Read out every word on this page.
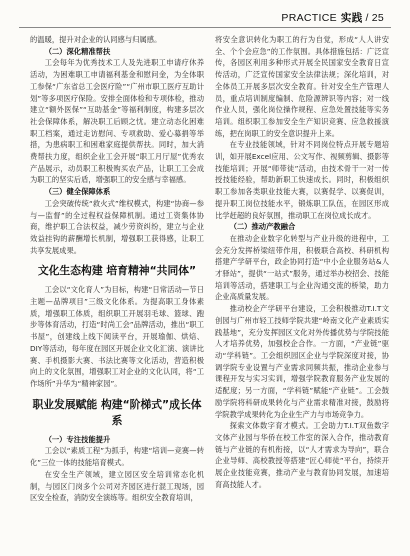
PRACTICE 实践 / 25

的温暖，提升对企业的认同感与归属感。

（二）深化精准帮扶

工会每年为优秀技术工人及先进职工申请疗休养活动，为困难职工申请福利基金和慰问金，为全体职工参保“广东省总工会医疗险”“广州市职工医疗互助计划”等多项医疗保险。安排全面体检和专项体检，推动建立“额外医保”“互助基金”等福利制度，构建多层次社会保障体系，解决职工后顾之忧。建立动态化困难职工档案，通过走访慰问、专项救助、爱心募捐等举措，为患病职工和困难家庭提供帮扶。同时，加大消费帮扶力度，组织企业工会开展“职工月厅屋”优秀农产品展示，动员职工积极购买农产品，让职工工会成为职工的坚实后盾，增强职工的安全感与幸福感。

（三）健全保障体系

工会突破传统“救火式”维权模式，构建“协商—参与—监督”的全过程权益保障机制。通过工资集体协商，维护职工合法权益，减少劳资纠纷，建立与企业效益挂钩的薪酬增长机制，增强职工获得感，让职工共享发展成果。

文化生态构建 培育精神“共同体”

工会以“文化育人”为目标，构建“日常活动—节日主题—品牌项目”三级文化体系。为提高职工身体素质，增强职工体质，组织职工开展羽毛球、篮球、跑步等体育活动，打造“时尚工会”品牌活动，推出“职工书屋”，创建线上线下阅读平台，开展瑜伽、烘焙、DIY等活动，每年度在园区开展企业文化汇演、演讲比赛、手机摄影大赛、书法比赛等文化活动，营造积极向上的文化氛围，增强职工对企业的文化认同，将“工作场所”升华为“精神家园”。

职业发展赋能 构建“阶梯式”成长体系

（一）专注技能提升

工会以“素质工程”为抓手，构建“培训—竞赛—转化”三位一体的技能培育模式。

在安全生产领域，建立园区安全培训常态化机制，与园区门岗多个公司对齐园区进行混工现场，园区安全检查，消防安全演练等。组织安全教育培训，

将安全意识转化为职工的行为自觉，形成“人人讲安全、个个会应急”的工作氛围。具体措施包括：广泛宣传，各园区利用多种形式开展全民国家安全教育日宣传活动，广泛宣传国家安全法律法规；深化培训，对全体员工开展多层次安全教育。针对安全生产管理人员，重点培训制度编制、危险源辨识等内容；对一线作业人员，强化岗位操作规程、应急处置技能等实务培训。组织职工参加安全生产知识竞赛、应急救援演练，把在岗职工的安全意识提升上来。

在专业技能领域，针对不同岗位特点开展专题培训，如开展Excel应用、公文写作、视频剪辑、摄影等技能培训；开展“师带徒”活动，由技术骨干一对一传授技能经验，帮助新职工快速成长。同时，积极组织职工参加各类职业技能大赛，以赛促学、以赛促训，提升职工岗位技能水平，锻炼职工队伍，在园区形成比学赶超的良好氛围，推动职工在岗位成长成才。

（二）推动产教融合

在推动企业数字化转型与产业升级的进程中，工会充分发挥桥梁纽带作用，积极联合高校、科研机构搭建产学研平台，政企协同打造“中小企业服务站&人才驿站”，提供“一站式”服务，通过举办校招会、技能培训等活动，搭建职工与企业沟通交流的桥梁，助力企业高质量发展。

推动校企产学研平台建设，工会积极推动T.I.T文创园与广州市轻工技师学院共建“岭南文化产业素质实践基地”，充分发挥园区文化对外传播优势与学院技能人才培养优势，加强校企合作。一方面，“产业链”驱动“学科链”。工会组织园区企业与学院深度对接，协调学院专业设置与产业需求同频共振，推动企业参与课程开发与实习实训，增强学院教育服务产业发展的适配度；另一方面，“学科链”赋能“产业链”。工会鼓励学院将科研成果转化与产业需求精准对接，鼓励将学院教学成果转化为企业生产力与市场竞争力。

探索文体数字育才模式。工会助力T.I.T双鱼数字文体产业园与华侨在校工作室的深入合作，推动教育链与产业链的有机衔接，以“人才需求为导向”，联合企业导师、高校教授等搭建“匠心师徒”平台，持续开展企业技能竞赛，推动产业与教育协同发展，加速培育高技能人才。
